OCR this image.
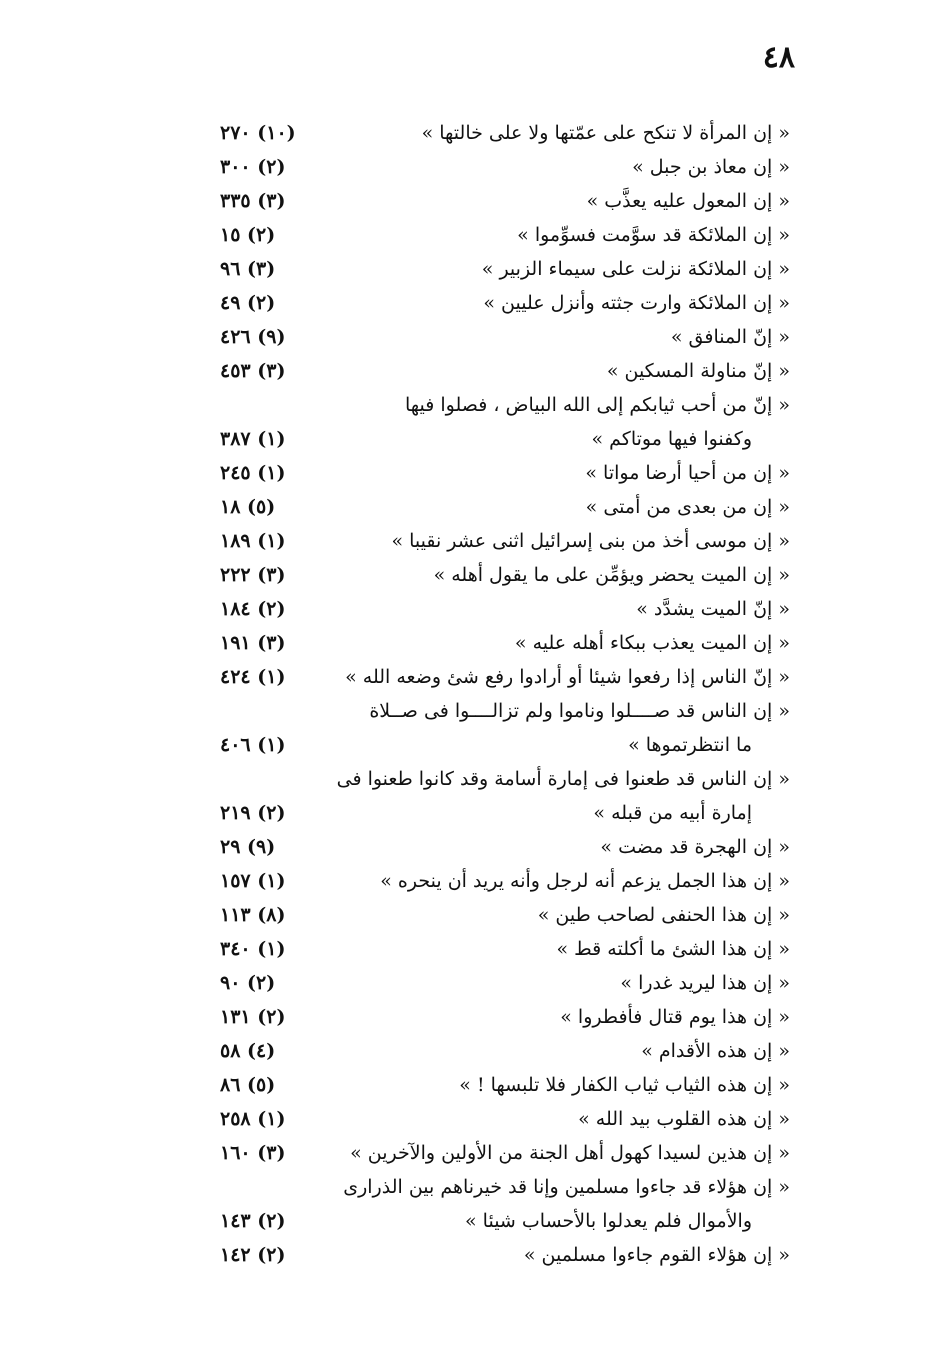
٤٨
« إن المرأة لا تنكح على عمّتها ولا على خالتها »
(١٠) ٢٧٠
« إن معاذ بن جبل »
(٢) ٣٠٠
« إن المعول عليه يعذَّب »
(٣) ٣٣٥
« إن الملائكة قد سوَّمت فسوِّموا »
(٢) ١٥
« إن الملائكة نزلت على سيماء الزبير »
(٣) ٩٦
« إن الملائكة وارت جثته وأنزل عليين »
(٢) ٤٩
« إنّ المنافق »
(٩) ٤٢٦
« إنّ مناولة المسكين »
(٣) ٤٥٣
« إنّ من أحب ثيابكم إلى الله البياض ، فصلوا فيها
وكفنوا فيها موتاكم »
(١) ٣٨٧
« إن من أحيا أرضا مواتا »
(١) ٢٤٥
« إن من بعدى من أمتى »
(٥) ١٨
« إن موسى أخذ من بنى إسرائيل اثنى عشر نقيبا »
(١) ١٨٩
« إن الميت يحضر ويؤمِّن على ما يقول أهله »
(٣) ٢٢٢
« إنّ الميت يشدَّد »
(٢) ١٨٤
« إن الميت يعذب ببكاء أهله عليه »
(٣) ١٩١
« إنّ الناس إذا رفعوا شيئا أو أرادوا رفع شئ وضعه الله »
(١) ٤٢٤
« إن الناس قد صــــلوا وناموا ولم تزالــــوا فى صــلاة
ما انتظرتموها »
(١) ٤٠٦
« إن الناس قد طعنوا فى إمارة أسامة وقد كانوا طعنوا فى
إمارة أبيه من قبله »
(٢) ٢١٩
« إن الهجرة قد مضت »
(٩) ٢٩
« إن هذا الجمل يزعم أنه لرجل وأنه يريد أن ينحره »
(١) ١٥٧
« إن هذا الحنفى لصاحب طين »
(٨) ١١٣
« إن هذا الشئ ما أكلته قط »
(١) ٣٤٠
« إن هذا ليريد غدرا »
(٢) ٩٠
« إن هذا يوم قتال فأفطروا »
(٢) ١٣١
« إن هذه الأقدام »
(٤) ٥٨
« إن هذه الثياب ثياب الكفار فلا تلبسها ! »
(٥) ٨٦
« إن هذه القلوب بيد الله »
(١) ٢٥٨
« إن هذين لسيدا كهول أهل الجنة من الأولين والآخرين »
(٣) ١٦٠
« إن هؤلاء قد جاءوا مسلمين وإنا قد خيرناهم بين الذرارى
والأموال فلم يعدلوا بالأحساب شيئا »
(٢) ١٤٣
« إن هؤلاء القوم جاءوا مسلمين »
(٢) ١٤٢
